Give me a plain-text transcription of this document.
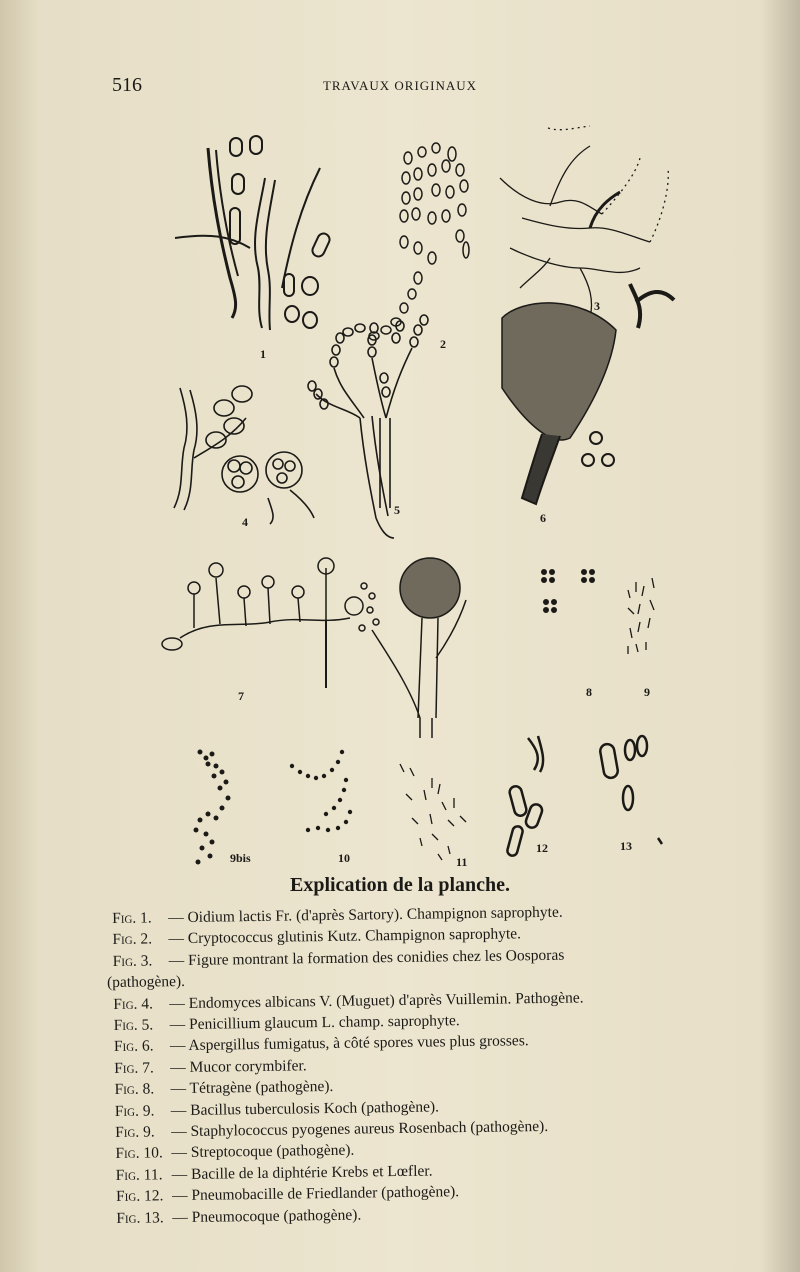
516	TRAVAUX ORIGINAUX
1
2
3
4
5
6
7	8	9
9bis	10	11
12	13
Explication de la planche.
Fig. 1. — Oidium lactis Fr. (d'après Sartory). Champignon saprophyte.
Fig. 2. — Cryptococcus glutinis Kutz. Champignon saprophyte.
Fig. 3. — Figure montrant la formation des conidies chez les Oosporas
(pathogène).
Fig. 4. — Endomyces albicans V. (Muguet) d'après Vuillemin. Pathogène.
Fig. 5. — Penicillium glaucum L. champ. saprophyte.
Fig. 6. — Aspergillus fumigatus, à côté spores vues plus grosses.
Fig. 7. — Mucor corymbifer.
Fig. 8. — Tétragène (pathogène).
Fig. 9. — Bacillus tuberculosis Koch (pathogène).
Fig. 9. — Staphylococcus pyogenes aureus Rosenbach (pathogène).
Fig. 10. — Streptocoque (pathogène).
Fig. 11. — Bacille de la diphtérie Krebs et Lœfler.
Fig. 12. — Pneumobacille de Friedlander (pathogène).
Fig. 13. — Pneumocoque (pathogène).
